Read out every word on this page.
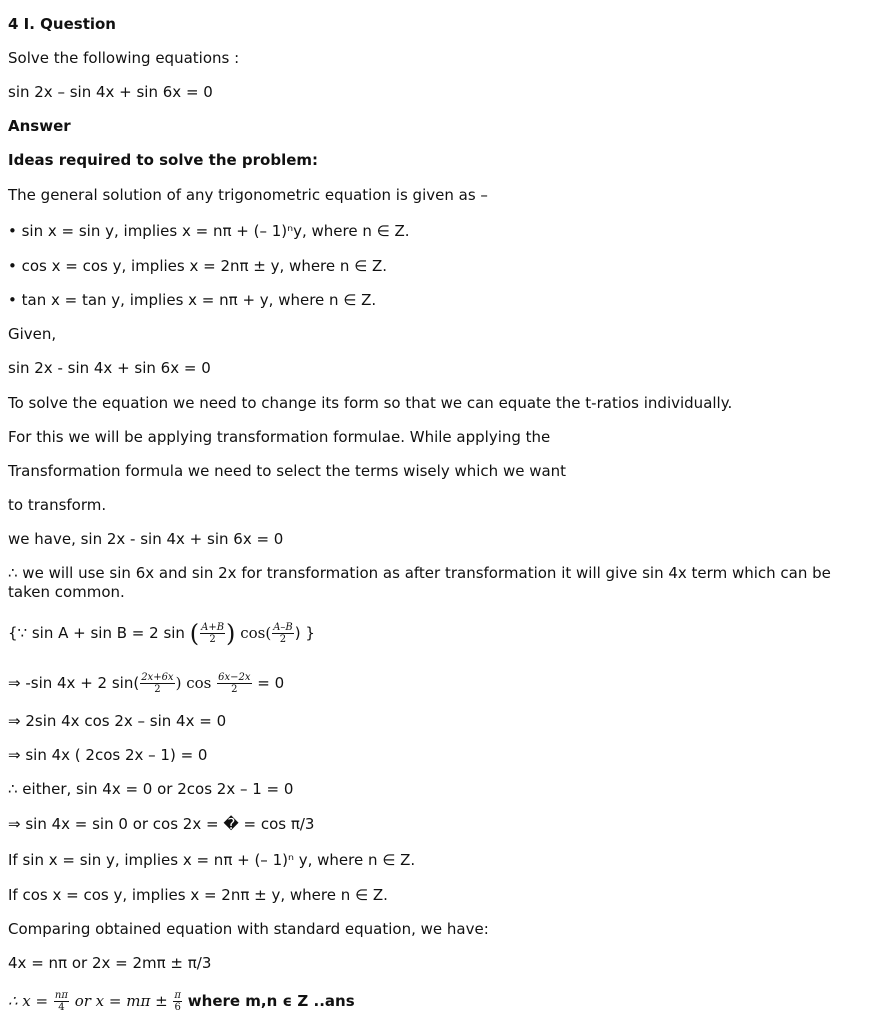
4 I. Question
Solve the following equations :
sin 2x – sin 4x + sin 6x = 0
Answer
Ideas required to solve the problem:
The general solution of any trigonometric equation is given as –
• sin x = sin y, implies x = nπ + (– 1)ⁿy, where n ∈ Z.
• cos x = cos y, implies x = 2nπ ± y, where n ∈ Z.
• tan x = tan y, implies x = nπ + y, where n ∈ Z.
Given,
sin 2x - sin 4x + sin 6x = 0
To solve the equation we need to change its form so that we can equate the t-ratios individually.
For this we will be applying transformation formulae. While applying the
Transformation formula we need to select the terms wisely which we want
to transform.
we have, sin 2x - sin 4x + sin 6x = 0
∴ we will use sin 6x and sin 2x for transformation as after transformation it will give sin 4x term which can be taken common.
{∵ sin A + sin B = 2 sin ( $\frac{A+B}{2}$ ) $\cos( \frac{A-B}{2}$ ) }
⇒ -sin 4x + 2 $\sin( \frac{2x+6x}{2}$ ) $\cos \frac{6x-2x}{2} = 0$
⇒ 2sin 4x cos 2x – sin 4x = 0
⇒ sin 4x ( 2cos 2x – 1) = 0
∴ either, sin 4x = 0 or 2cos 2x – 1 = 0
⇒ sin 4x = sin 0 or cos 2x = � = cos π/3
If sin x = sin y, implies x = nπ + (– 1)ⁿ y, where n ∈ Z.
If cos x = cos y, implies x = 2nπ ± y, where n ∈ Z.
Comparing obtained equation with standard equation, we have:
4x = nπ or 2x = 2mπ ± π/3
∴ $x = \frac{n\pi}{4}$ or $x = m\pi \pm \frac{\pi}{6}$ where m,n ϵ Z ..ans
